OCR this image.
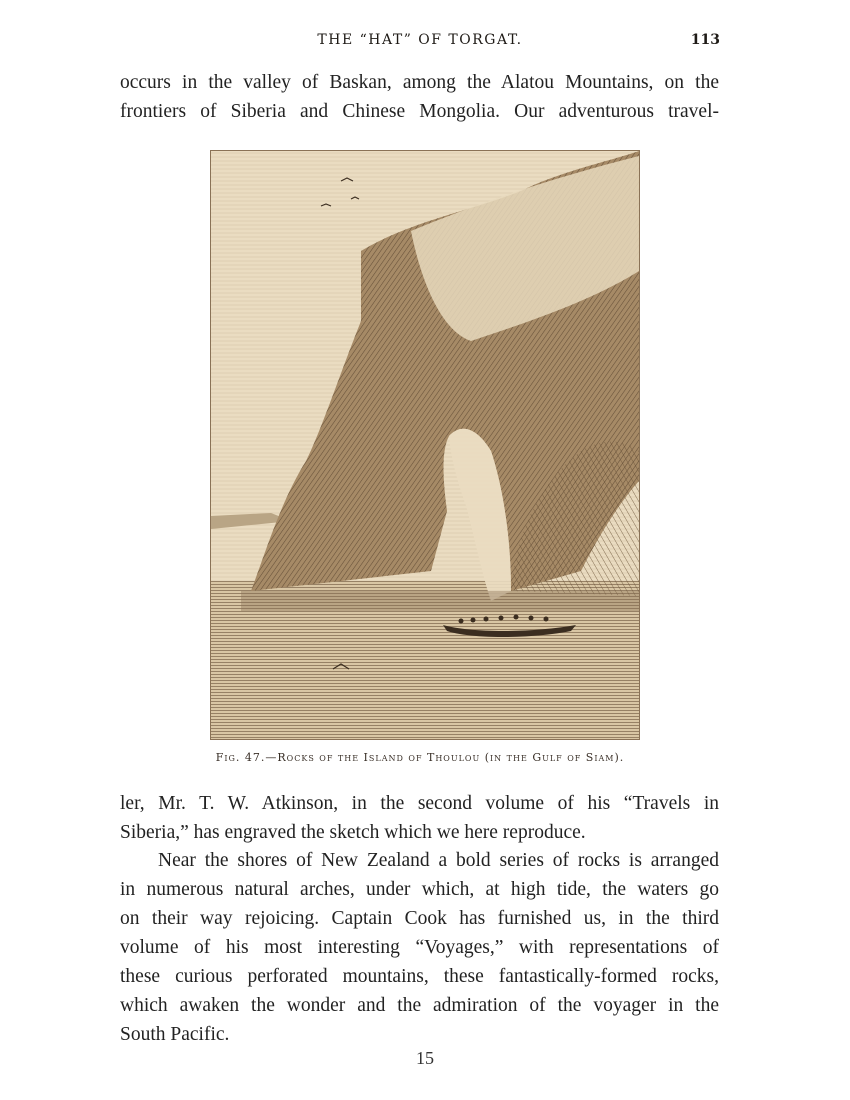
THE “HAT” OF TORGAT.	113

occurs in the valley of Baskan, among the Alatou Mountains, on the
frontiers of Siberia and Chinese Mongolia. Our adventurous travel-

Fig. 47.—Rocks of the Island of Thoulou (in the Gulf of Siam).

ler, Mr. T. W. Atkinson, in the second volume of his “Travels in
Siberia,” has engraved the sketch which we here reproduce.

Near the shores of New Zealand a bold series of rocks is arranged
in numerous natural arches, under which, at high tide, the waters go
on their way rejoicing. Captain Cook has furnished us, in the third
volume of his most interesting “Voyages,” with representations of
these curious perforated mountains, these fantastically-formed rocks,
which awaken the wonder and the admiration of the voyager in the
South Pacific.

15
